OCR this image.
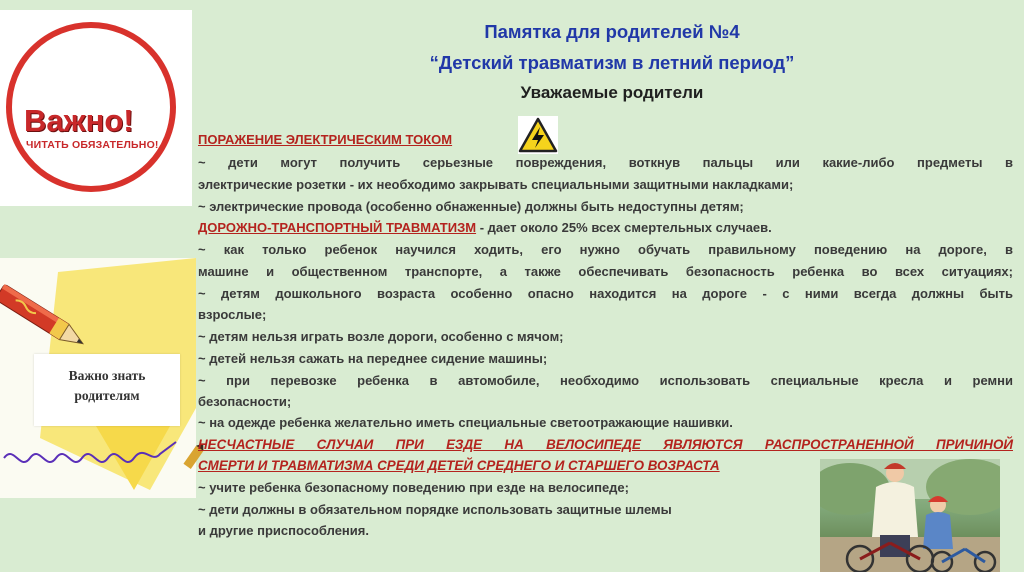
Важно!
ЧИТАТЬ ОБЯЗАТЕЛЬНО!
Важно знать
родителям
Памятка для родителей №4
“Детский травматизм в летний период”
Уважаемые родители
ПОРАЖЕНИЕ ЭЛЕКТРИЧЕСКИМ ТОКОМ
~ дети могут получить серьезные повреждения, воткнув пальцы или какие-либо предметы в
электрические розетки - их необходимо закрывать специальными защитными накладками;
~ электрические провода (особенно обнаженные) должны быть недоступны детям;
ДОРОЖНО-ТРАНСПОРТНЫЙ ТРАВМАТИЗМ - дает около 25% всех смертельных случаев.
~ как только ребенок научился ходить, его нужно обучать правильному поведению на дороге, в
машине и общественном транспорте, а также обеспечивать безопасность ребенка во всех ситуациях;
~ детям дошкольного возраста особенно опасно находится на дороге - с ними всегда должны быть
взрослые;
~ детям нельзя играть возле дороги, особенно с мячом;
~ детей нельзя сажать на переднее сидение машины;
~ при перевозке ребенка в автомобиле, необходимо использовать специальные кресла и ремни
безопасности;
~ на одежде ребенка желательно иметь специальные светоотражающие нашивки.
НЕСЧАСТНЫЕ СЛУЧАИ ПРИ ЕЗДЕ НА ВЕЛОСИПЕДЕ ЯВЛЯЮТСЯ РАСПРОСТРАНЕННОЙ ПРИЧИНОЙ
СМЕРТИ И ТРАВМАТИЗМА СРЕДИ ДЕТЕЙ СРЕДНЕГО И СТАРШЕГО ВОЗРАСТА
~ учите ребенка безопасному поведению при езде на велосипеде;
~ дети должны в обязательном порядке использовать защитные шлемы
и другие приспособления.
